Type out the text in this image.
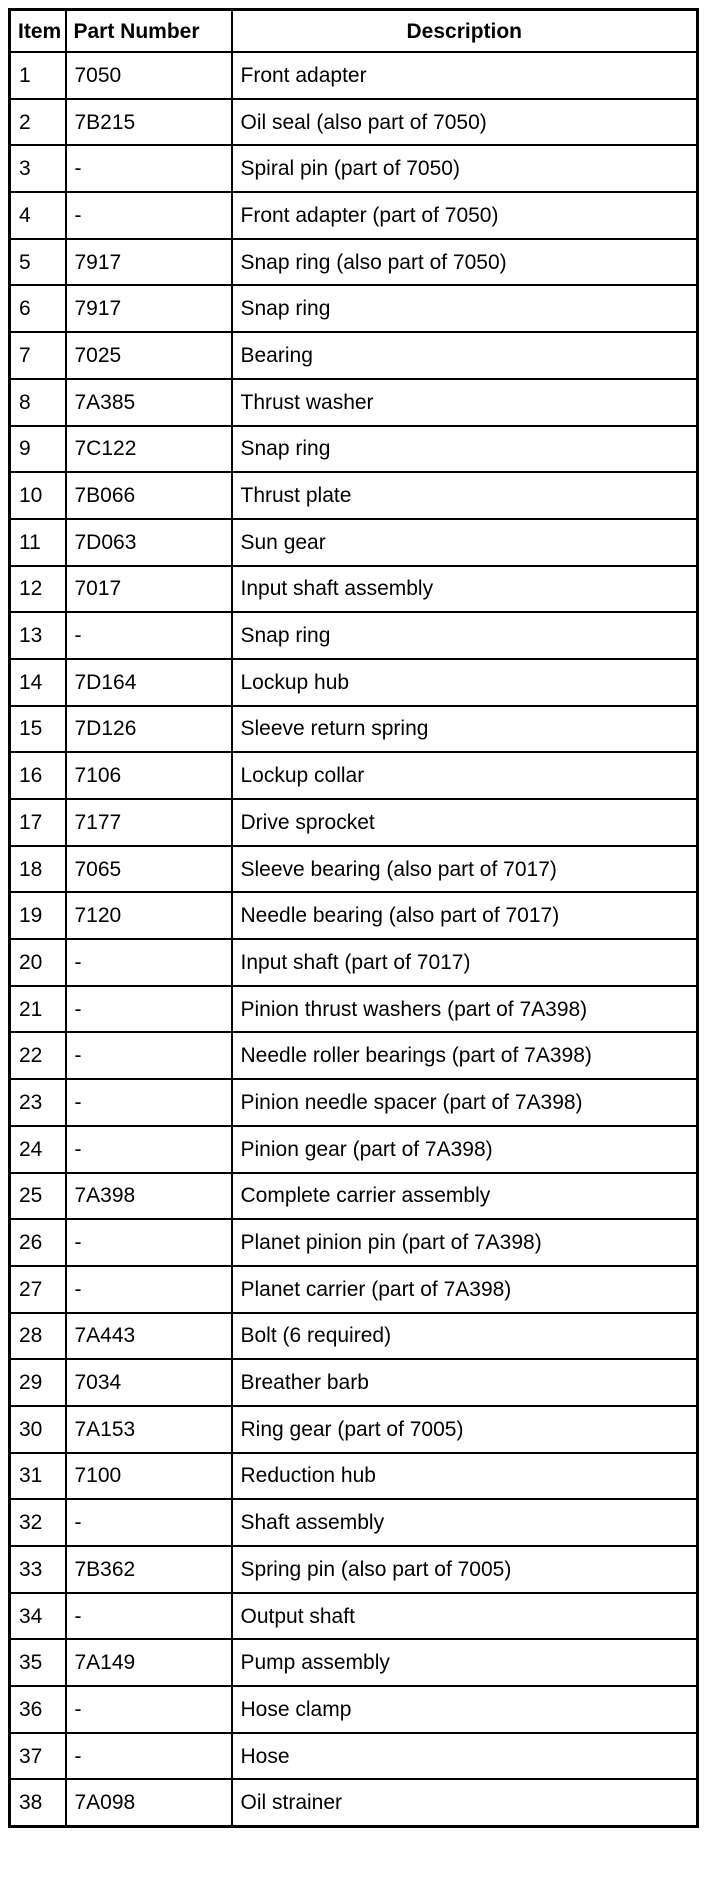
Item	Part Number	Description
1	7050	Front adapter
2	7B215	Oil seal (also part of 7050)
3	-	Spiral pin (part of 7050)
4	-	Front adapter (part of 7050)
5	7917	Snap ring (also part of 7050)
6	7917	Snap ring
7	7025	Bearing
8	7A385	Thrust washer
9	7C122	Snap ring
10	7B066	Thrust plate
11	7D063	Sun gear
12	7017	Input shaft assembly
13	-	Snap ring
14	7D164	Lockup hub
15	7D126	Sleeve return spring
16	7106	Lockup collar
17	7177	Drive sprocket
18	7065	Sleeve bearing (also part of 7017)
19	7120	Needle bearing (also part of 7017)
20	-	Input shaft (part of 7017)
21	-	Pinion thrust washers (part of 7A398)
22	-	Needle roller bearings (part of 7A398)
23	-	Pinion needle spacer (part of 7A398)
24	-	Pinion gear (part of 7A398)
25	7A398	Complete carrier assembly
26	-	Planet pinion pin (part of 7A398)
27	-	Planet carrier (part of 7A398)
28	7A443	Bolt (6 required)
29	7034	Breather barb
30	7A153	Ring gear (part of 7005)
31	7100	Reduction hub
32	-	Shaft assembly
33	7B362	Spring pin (also part of 7005)
34	-	Output shaft
35	7A149	Pump assembly
36	-	Hose clamp
37	-	Hose
38	7A098	Oil strainer
